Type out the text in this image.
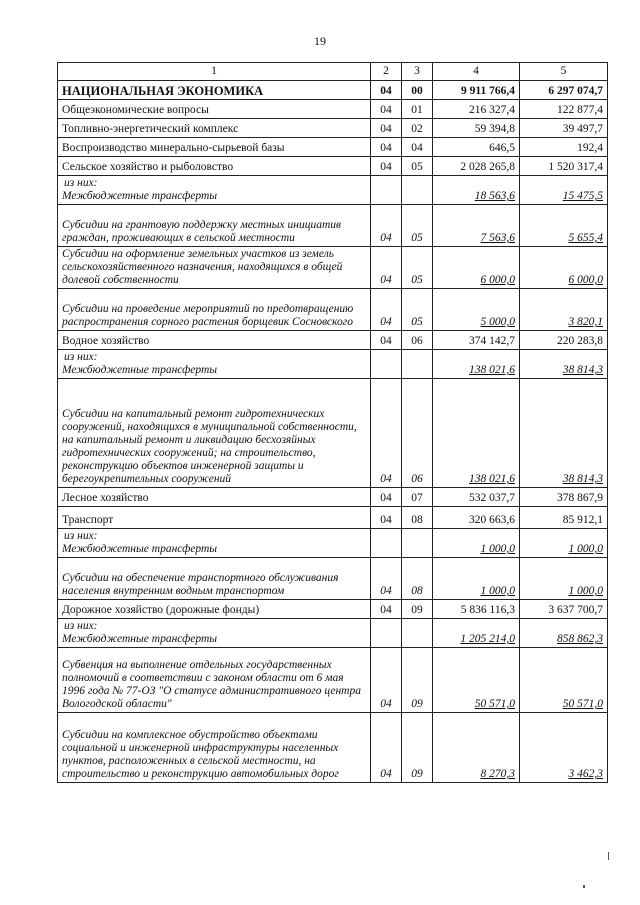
19
1	2	3	4	5
НАЦИОНАЛЬНАЯ ЭКОНОМИКА	04	00	9 911 766,4	6 297 074,7
Общеэкономические вопросы	04	01	216 327,4	122 877,4
Топливно-энергетический комплекс	04	02	59 394,8	39 497,7
Воспроизводство минерально-сырьевой базы	04	04	646,5	192,4
Сельское хозяйство и рыболовство	04	05	2 028 265,8	1 520 317,4

из них:
Межбюджетные трансферты			18 563,6	15 475,5
Субсидии на грантовую поддержку местных инициатив граждан, проживающих в сельской местности	04	05	7 563,6	5 655,4
Субсидии на оформление земельных участков из земель сельскохозяйственного назначения, находящихся в общей долевой собственности	04	05	6 000,0	6 000,0
Субсидии на проведение мероприятий по предотвращению распространения сорного растения борщевик Сосновского	04	05	5 000,0	3 820,1
Водное хозяйство	04	06	374 142,7	220 283,8

из них:
Межбюджетные трансферты			138 021,6	38 814,3
Субсидии на капитальный ремонт гидротехнических сооружений, находящихся в муниципальной собственности, на капитальный ремонт и ликвидацию бесхозяйных гидротехнических сооружений; на строительство, реконструкцию объектов инженерной защиты и берегоукрепительных сооружений	04	06	138 021,6	38 814,3
Лесное хозяйство	04	07	532 037,7	378 867,9
Транспорт	04	08	320 663,6	85 912,1

из них:
Межбюджетные трансферты			1 000,0	1 000,0
Субсидии на обеспечение транспортного обслуживания населения внутренним водным транспортом	04	08	1 000,0	1 000,0
Дорожное хозяйство (дорожные фонды)	04	09	5 836 116,3	3 637 700,7

из них:
Межбюджетные трансферты			1 205 214,0	858 862,3
Субвенция на выполнение отдельных государственных полномочий в соответствии с законом области от 6 мая 1996 года № 77-ОЗ "О статусе административного центра Вологодской области"	04	09	50 571,0	50 571,0
Субсидии на комплексное обустройство объектами социальной и инженерной инфраструктуры населенных пунктов, расположенных в сельской местности, на строительство и реконструкцию автомобильных дорог	04	09	8 270,3	3 462,3
